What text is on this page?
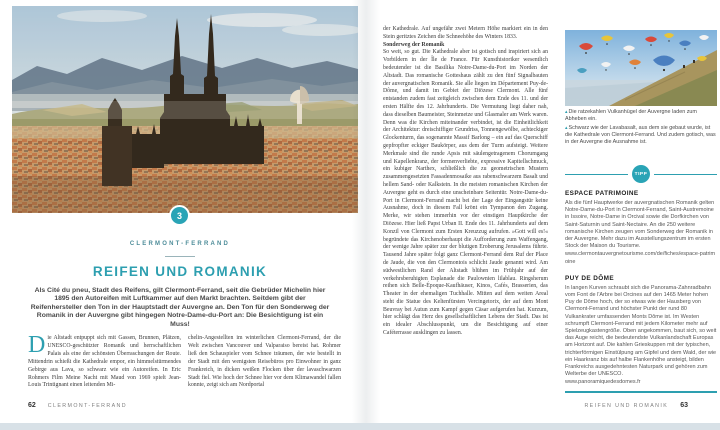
3
CLERMONT-FERRAND
REIFEN UND ROMANIK

Als Cité du pneu, Stadt des Reifens, gilt Clermont-Ferrand, seit die Gebrüder Michelin hier 1895 den Autoreifen mit Luftkammer auf den Markt brachten. Seitdem gibt der Reifenhersteller den Ton in der Hauptstadt der Auvergne an. Den Ton für den Sonderweg der Romanik in der Auvergne gibt hingegen Notre-Dame-du-Port an: Die Besichtigung ist ein Muss!

Die Altstadt entpuppt sich mit Gassen, Brunnen, Plätzen, UNESCO-geschützter Romanik und herrschaftlichen Palais als eine der schönsten Überraschungen der Route. Mittendrin schießt die Kathedrale empor, ein himmelstürmendes Gebirge aus Lava, so schwarz wie ein Autoreifen. In Eric Rohmers Film Meine Nacht mit Maud von 1969 spielt Jean-Louis Trintignant einen leitenden Mi-
chelin-Angestellten im winterlichen Clermont-Ferrand, der die Welt zwischen Vancouver und Valparaiso bereist hat. Rohmer ließ den Schauspieler vom Schnee träumen, der wie bestellt in der Stadt mit den wenigsten Reisebüros pro Einwohner in ganz Frankreich, in dicken weißen Flocken über der lavaschwarzen Stadt fiel. Wie hoch der Schnee hier vor dem Klimawandel fallen konnte, zeigt sich am Nordportal
62 CLERMONT-FERRAND

der Kathedrale. Auf ungefähr zwei Metern Höhe markiert ein in den Stein geritztes Zeichen die Schneehöhe des Winters 1833.

Sonderweg der Romanik

So weit, so gut. Die Kathedrale aber ist gotisch und inspiriert sich an Vorbildern in der Île de France. Für Kunsthistoriker wesentlich bedeutender ist die Basilika Notre-Dame-du-Port im Norden der Altstadt. Das romanische Gotteshaus zählt zu den fünf Signalbauten der auvergnatischen Romanik. Sie alle liegen im Département Puy-de-Dôme, und damit im Gebiet der Diözese Clermont. Alle fünf entstanden zudem fast zeitgleich zwischen dem Ende des 11. und der ersten Hälfte des 12. Jahrhunderts. Die Vermutung liegt daher nah, dass dieselben Baumeister, Steinmetze und Glasmaler am Werk waren. Denn was die Kirchen miteinander verbindet, ist die Einheitlichkeit der Architektur: dreischiffiger Grundriss, Tonnengewölbe, achteckiger Glockenturm, das sogenannte Massif Barlong – ein auf das Querschiff gepfropfter eckiger Baukörper, aus dem der Turm aufsteigt. Weitere Merkmale sind die runde Apsis mit säulengetragenem Chorumgang und Kapellenkranz, der formenverliebte, expressive Kapitellschmuck, ein kubiger Narthex, schließlich die zu geometrischen Mustern zusammengesetzten Fassadenmosaike aus rabenschwarzem Basalt und hellem Sand- oder Kalkstein. In die meisten romanischen Kirchen der Auvergne geht es durch eine unscheinbare Seitentür. Notre-Dame-du-Port in Clermont-Ferrand macht bei der Lage der Eingangstür keine Ausnahme, doch in diesem Fall krönt ein Tympanon den Zugang. Merke, wir stehen immerhin vor der einstigen Hauptkirche der Diözese. Hier ließ Papst Urban II. Ende des 11. Jahrhunderts auf dem Konzil von Clermont zum Ersten Kreuzzug aufrufen. »Gott will es!« begründete das Kirchenoberhaupt die Aufforderung zum Waffengang, der wenige Jahre später zur der blutigen Eroberung Jerusalems führte. Tausend Jahre später folgt ganz Clermont-Ferrand dem Ruf der Place de Jaude, die von den Clermontois schlicht Jaude genannt wird. Am südwestlichen Rand der Altstadt blühen im Frühjahr auf der verkehrsberuhigten Esplanade die Paulownien lilablau. Ringsherum reihen sich Belle-Époque-Kaufhäuser, Kinos, Cafés, Brasserien, das Theater in der ehemaligen Tuchhalle. Mitten auf dem weiten Areal steht die Statue des Keltenfürsten Vercingetorix, der auf dem Mont Beuvray bei Autun zum Kampf gegen Cäsar aufgerufen hat. Kurzum, hier schlägt das Herz des gesellschaftlichen Lebens der Stadt. Das ist ein idealer Abschlusspunkt, um die Besichtigung auf einer Caféterrasse ausklingen zu lassen.

▴Die ratzekahlen Vulkanhügel der Auvergne laden zum Abheben ein.

▴Schwarz wie der Lavabasalt, aus dem sie gebaut wurde, ist die Kathedrale von Clermont-Ferrand. Und zudem gotisch, was in der Auvergne die Ausnahme ist.

TIPP

ESPACE PATRIMOINE

Als die fünf Hauptwerke der auvergnatischen Romanik gelten Notre-Dame-du-Port in Clermont-Ferrand, Saint-Austremoine in Issoire, Notre-Dame in Orcival sowie die Dorfkirchen von Saint-Saturnin und Saint-Nectaire. An die 250 weitere romanische Kirchen zeugen vom Sonderweg der Romanik in der Auvergne. Mehr dazu im Ausstellungszentrum im ersten Stock der Maison du Tourisme.

www.clermontauvergnetourisme.com/de/fiches/espace-patrimoine

PUY DE DÔME

In langen Kurven schraubt sich die Panorama-Zahnradbahn vom Font de l'Arbre bei Orcines auf den 1465 Meter hohen Puy de Dôme hoch, der so etwas wie der Hausberg von Clermont-Ferrand und höchster Punkt der rund 80 Vulkankrater umfassenden Monts Dôme ist. Im Westen schrumpft Clermont-Ferrand mit jedem Kilometer mehr auf Spielzeugkastengröße. Oben angekommen, baut sich, so weit das Auge reicht, die bedeutendste Vulkanlandschaft Europas am Horizont auf. Die kahlen Grieskuppen mit der typischen, trichterförmigen Einstülpung am Gipfel und dem Wald, der wie ein Haarkranz bis auf halbe Flankenhöhe ansteigt, bilden Frankreichs ausgedehntesten Naturpark und gehören zum Welterbe der UNESCO.

www.panoramiquedesdomes.fr

REIFEN UND ROMANIK 63
